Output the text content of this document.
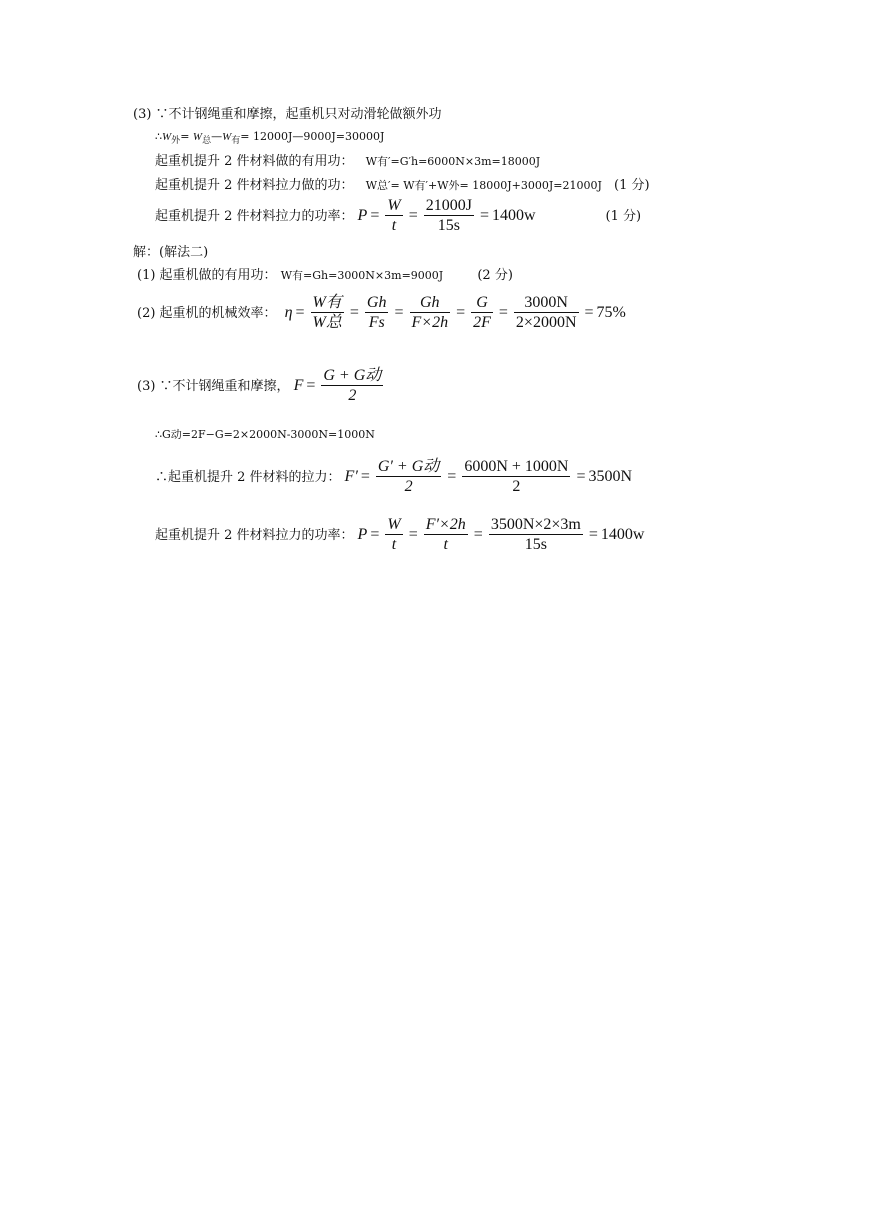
(3) ∵不计钢绳重和摩擦，起重机只对动滑轮做额外功
$\therefore W_外=$ $W_总—W_有=$ 12000J—9000J=30000J
起重机提升 2 件材料做的有用功： W有′=G′h=6000N×3m=18000J
起重机提升 2 件材料拉力做的功： W总′= W有′+W外= 18000J+3000J=21000J (1 分)
起重机提升 2 件材料拉力的功率： $P = \frac{W}{t} = \frac{21000J}{15s} = 1400w$	(1 分)
解：(解法二)
(1) 起重机做的有用功： W有=Gh=3000N×3m=9000J	(2 分)
(2) 起重机的机械效率： $\eta = \frac{\text{W有}}{\text{W总}} = \frac{Gh}{Fs} = \frac{Gh}{F\times 2h} = \frac{G}{2F} = \frac{3000N}{2\times 2000N} = 75\%$
(3) ∵不计钢绳重和摩擦， $F = \frac{\text{G + G动}}{2}$
∴G动=2F−G=2×2000N-3000N=1000N
∴起重机提升 2 件材料的拉力： $F' = \frac{\text{G′ + G动}}{2} = \frac{6000N + 1000N}{2} = 3500N$
起重机提升 2 件材料拉力的功率： $P = \frac{W}{t} = \frac{F'\times 2h}{t} = \frac{3500N\times 2\times 3m}{15s} = 1400w$
